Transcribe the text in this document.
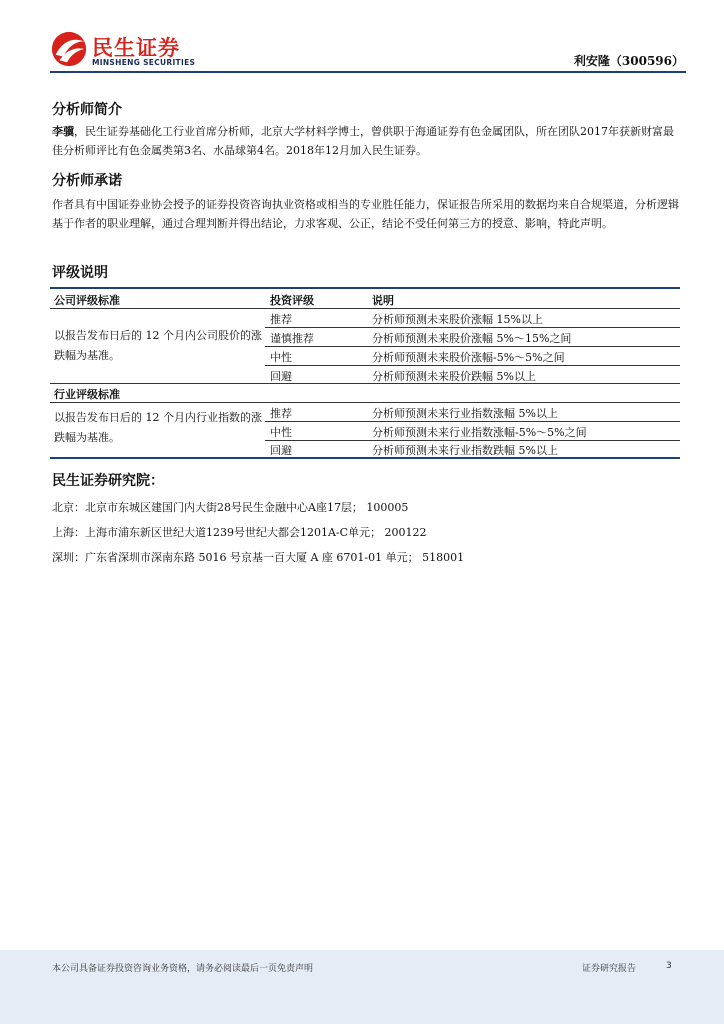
民生证券
MINSHENG SECURITIES	利安隆（300596）
分析师简介
李骥，民生证券基础化工行业首席分析师，北京大学材料学博士，曾供职于海通证券有色金属团队，所在团队2017年获新财富最佳分析师评比有色金属类第3名、水晶球第4名。2018年12月加入民生证券。
分析师承诺
作者具有中国证券业协会授予的证券投资咨询执业资格或相当的专业胜任能力，保证报告所采用的数据均来自合规渠道，分析逻辑基于作者的职业理解，通过合理判断并得出结论，力求客观、公正，结论不受任何第三方的授意、影响，特此声明。
评级说明
公司评级标准	投资评级	说明
以报告发布日后的 12 个月内公司股价的涨跌幅为基准。
推荐	分析师预测未来股价涨幅 15%以上
谨慎推荐	分析师预测未来股价涨幅 5%～15%之间
中性	分析师预测未来股价涨幅-5%～5%之间
回避	分析师预测未来股价跌幅 5%以上
行业评级标准
以报告发布日后的 12 个月内行业指数的涨跌幅为基准。
推荐	分析师预测未来行业指数涨幅 5%以上
中性	分析师预测未来行业指数涨幅-5%～5%之间
回避	分析师预测未来行业指数跌幅 5%以上
民生证券研究院：
北京：北京市东城区建国门内大街28号民生金融中心A座17层； 100005
上海：上海市浦东新区世纪大道1239号世纪大都会1201A-C单元； 200122
深圳：广东省深圳市深南东路 5016 号京基一百大厦 A 座 6701-01 单元； 518001
本公司具备证券投资咨询业务资格，请务必阅读最后一页免责声明	证券研究报告	3
